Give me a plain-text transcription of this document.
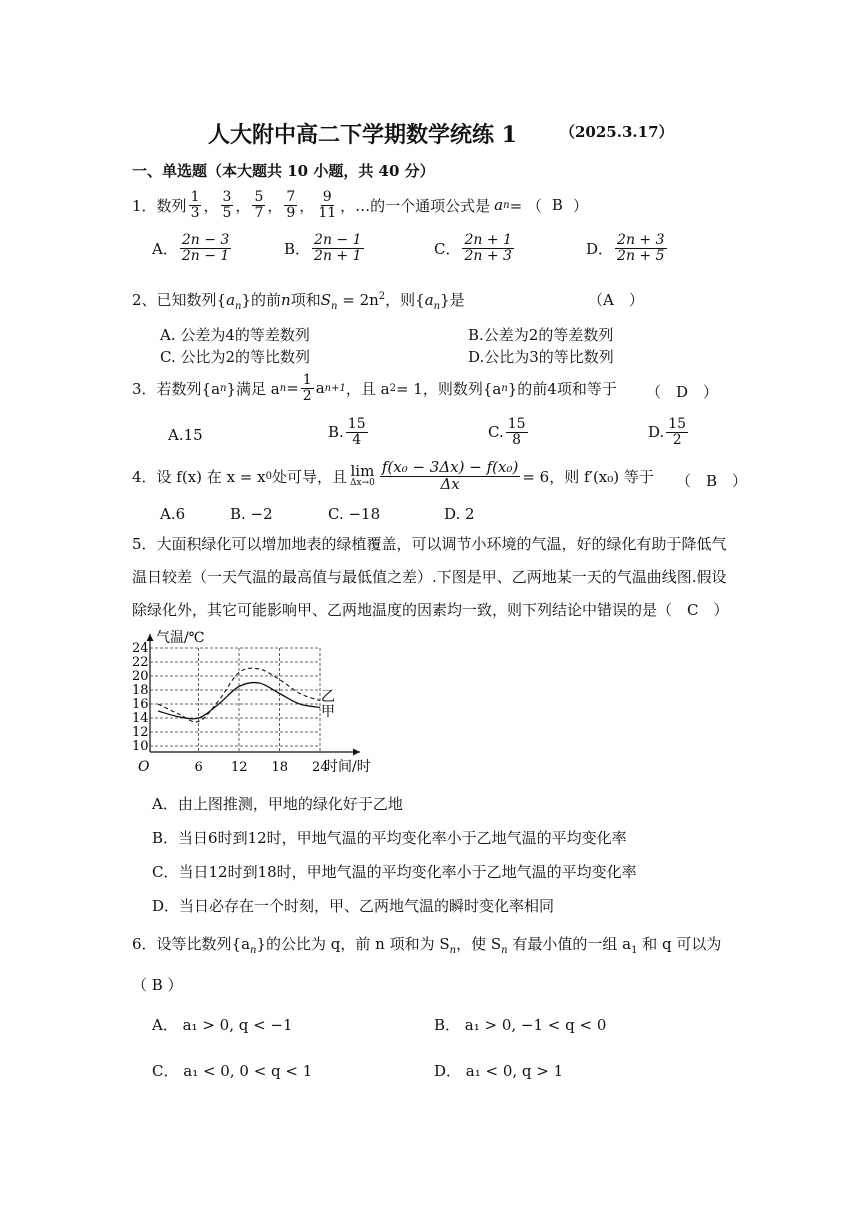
人大附中高二下学期数学统练 1	（2025.3.17）
一、单选题（本大题共 10 小题，共 40 分）
1． 数列 $\frac{1}{3}$ ， $\frac{3}{5}$ ， $\frac{5}{7}$ ， $\frac{7}{9}$ ， $\frac{9}{11}$ ，…的一个通项公式是 a n = （ B ）
A． $\frac{2n - 3}{2n - 1}$	B． $\frac{2n - 1}{2n + 1}$	C． $\frac{2n + 1}{2n + 3}$	D． $\frac{2n + 3}{2n + 5}$
2、已知数列$\{a_n\}$的前n项和$S_n = 2n^2$，则$\{a_n\}$是	（A　）
A. 公差为4的等差数列	B.公差为2的等差数列
C. 公比为2的等比数列	D.公比为3的等比数列
3．若数列{a n }满足 a $n = \frac{1}{2}$ a n+1 ，且 a 2 = 1，则数列{a n }的前4项和等于 （　D　）
A.15	B. $\frac{15}{4}$	C. $\frac{15}{8}$	D. $\frac{15}{2}$
4．设 f(x) 在 x = x 0 处可导，且 lim
$\Delta x\to 0 \frac{\text{f(x₀ − 3Δx) − f(x₀)}}{\Delta x} = 6$，则 f′(x₀) 等于 （　B　）
A.6	B. −2	C. −18	D. 2
5．大面积绿化可以增加地表的绿植覆盖，可以调节小环境的气温，好的绿化有助于降低气
温日较差（一天气温的最高值与最低值之差）.下图是甲、乙两地某一天的气温曲线图.假设
除绿化外，其它可能影响甲、乙两地温度的因素均一致，则下列结论中错误的是（　C　）
气温/℃
时间/时
O
10
12
14
16
18
20
22
24
6 12 18 24
乙
甲
A．由上图推测，甲地的绿化好于乙地
B．当日6时到12时，甲地气温的平均变化率小于乙地气温的平均变化率
C．当日12时到18时，甲地气温的平均变化率小于乙地气温的平均变化率
D．当日必存在一个时刻，甲、乙两地气温的瞬时变化率相同
6．设等比数列$\{a_n\}$的公比为 q，前 n 项和为 $S_n$，使 $S_n$ 有最小值的一组 $a_1$ 和 q 可以为
（ B ）
A． a₁ > 0, q < −1	B． a₁ > 0, −1 < q < 0
C． a₁ < 0, 0 < q < 1	D． a₁ < 0, q > 1
